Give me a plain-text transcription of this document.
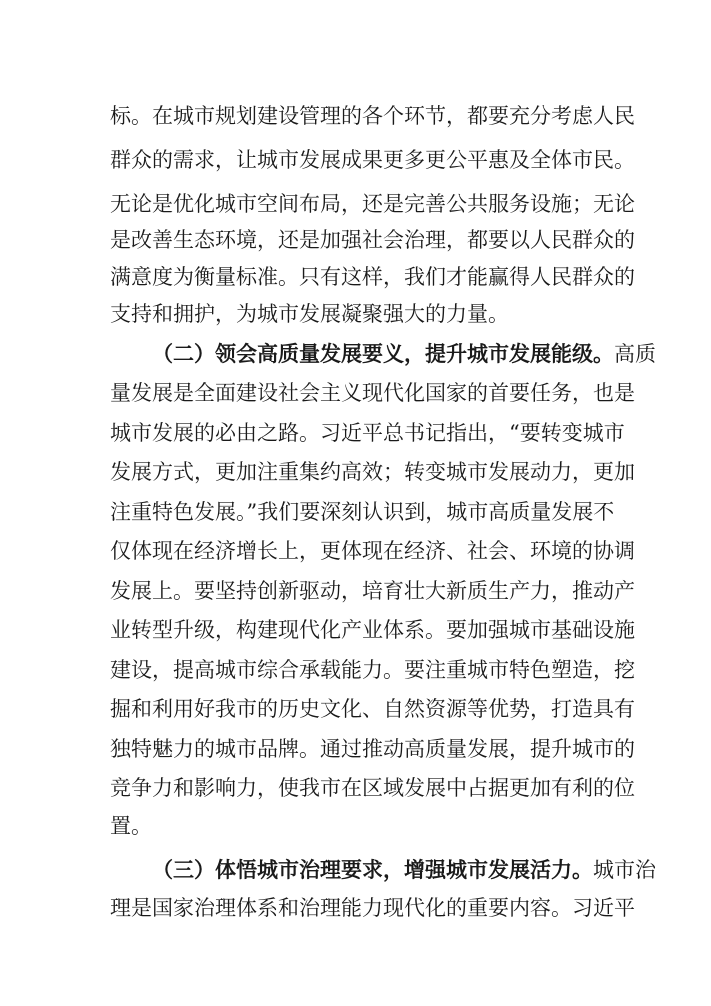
标。在城市规划建设管理的各个环节，都要充分考虑人民
群众的需求，让城市发展成果更多更公平惠及全体市民。
无论是优化城市空间布局，还是完善公共服务设施；无论
是改善生态环境，还是加强社会治理，都要以人民群众的
满意度为衡量标准。只有这样，我们才能赢得人民群众的
支持和拥护，为城市发展凝聚强大的力量。
（二）领会高质量发展要义，提升城市发展能级。高质
量发展是全面建设社会主义现代化国家的首要任务，也是
城市发展的必由之路。习近平总书记指出，“要转变城市
发展方式，更加注重集约高效；转变城市发展动力，更加
注重特色发展。”我们要深刻认识到，城市高质量发展不
仅体现在经济增长上，更体现在经济、社会、环境的协调
发展上。要坚持创新驱动，培育壮大新质生产力，推动产
业转型升级，构建现代化产业体系。要加强城市基础设施
建设，提高城市综合承载能力。要注重城市特色塑造，挖
掘和利用好我市的历史文化、自然资源等优势，打造具有
独特魅力的城市品牌。通过推动高质量发展，提升城市的
竞争力和影响力，使我市在区域发展中占据更加有利的位
置。
（三）体悟城市治理要求，增强城市发展活力。城市治
理是国家治理体系和治理能力现代化的重要内容。习近平
